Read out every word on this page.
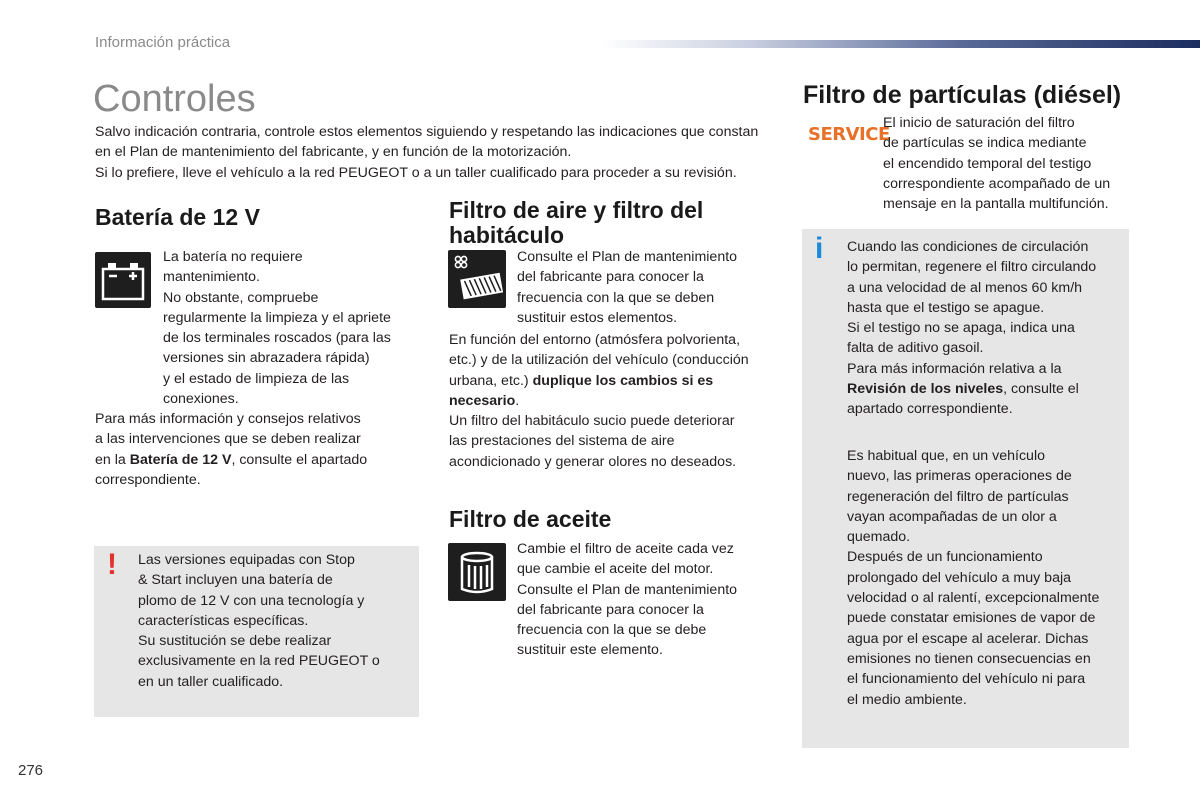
Información práctica
Controles

Salvo indicación contraria, controle estos elementos siguiendo y respetando las indicaciones que constan en el Plan de mantenimiento del fabricante, y en función de la motorización.

Si lo prefiere, lleve el vehículo a la red PEUGEOT o a un taller cualificado para proceder a su revisión.

Batería de 12 V

La batería no requiere

mantenimiento.

No obstante, compruebe

regularmente la limpieza y el apriete

de los terminales roscados (para las

versiones sin abrazadera rápida)

y el estado de limpieza de las

conexiones.

Para más información y consejos relativos

a las intervenciones que se deben realizar

en la Batería de 12 V, consulte el apartado

correspondiente.

! Las versiones equipadas con Stop

& Start incluyen una batería de

plomo de 12 V con una tecnología y

características específicas.

Su sustitución se debe realizar

exclusivamente en la red PEUGEOT o

en un taller cualificado.

Filtro de aire y filtro del
habitáculo

Consulte el Plan de mantenimiento

del fabricante para conocer la

frecuencia con la que se deben

sustituir estos elementos.

En función del entorno (atmósfera polvorienta,

etc.) y de la utilización del vehículo (conducción

urbana, etc.) duplique los cambios si es

necesario.

Un filtro del habitáculo sucio puede deteriorar

las prestaciones del sistema de aire

acondicionado y generar olores no deseados.

Filtro de aceite

Cambie el filtro de aceite cada vez

que cambie el aceite del motor.

Consulte el Plan de mantenimiento

del fabricante para conocer la

frecuencia con la que se debe

sustituir este elemento.

Filtro de partículas (diésel)
SERVICE

El inicio de saturación del filtro

de partículas se indica mediante

el encendido temporal del testigo

correspondiente acompañado de un

mensaje en la pantalla multifunción.

i Cuando las condiciones de circulación

lo permitan, regenere el filtro circulando

a una velocidad de al menos 60 km/h

hasta que el testigo se apague.

Si el testigo no se apaga, indica una

falta de aditivo gasoil.

Para más información relativa a la

Revisión de los niveles, consulte el

apartado correspondiente.

Es habitual que, en un vehículo

nuevo, las primeras operaciones de

regeneración del filtro de partículas

vayan acompañadas de un olor a

quemado.

Después de un funcionamiento

prolongado del vehículo a muy baja

velocidad o al ralentí, excepcionalmente

puede constatar emisiones de vapor de

agua por el escape al acelerar. Dichas

emisiones no tienen consecuencias en

el funcionamiento del vehículo ni para

el medio ambiente.

276
